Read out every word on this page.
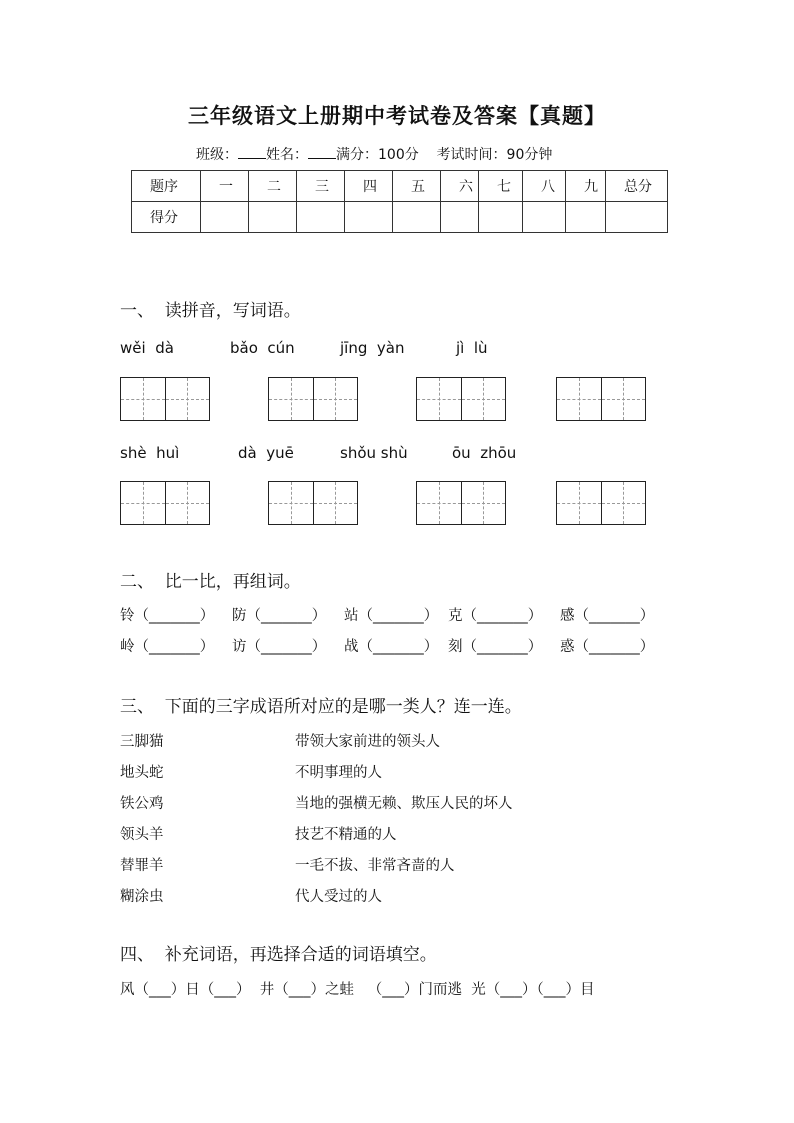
三年级语文上册期中考试卷及答案【真题】
班级： 姓名： 满分：100分 考试时间：90分钟
题序	一	二	三	四	五	六	七	八	九	总分
得分										
一、  读拼音，写词语。
wěi  dà	bǎo  cún	jīng  yàn	jì  lù
shè  huì	dà  yuē	shǒu shù	ōu  zhōu
二、  比一比，再组词。
铃（_______） 防（_______） 站（_______） 克（_______） 感（_______）
岭（_______） 访（_______） 战（_______） 刻（_______） 惑（_______）
三、  下面的三字成语所对应的是哪一类人？连一连。
三脚猫
地头蛇
铁公鸡
领头羊
替罪羊
糊涂虫
带领大家前进的领头人
不明事理的人
当地的强横无赖、欺压人民的坏人
技艺不精通的人
一毛不拔、非常吝啬的人
代人受过的人
四、  补充词语，再选择合适的词语填空。
风（___）日（___）  井（___）之蛙   （___）门而逃  光（___）（___）目
